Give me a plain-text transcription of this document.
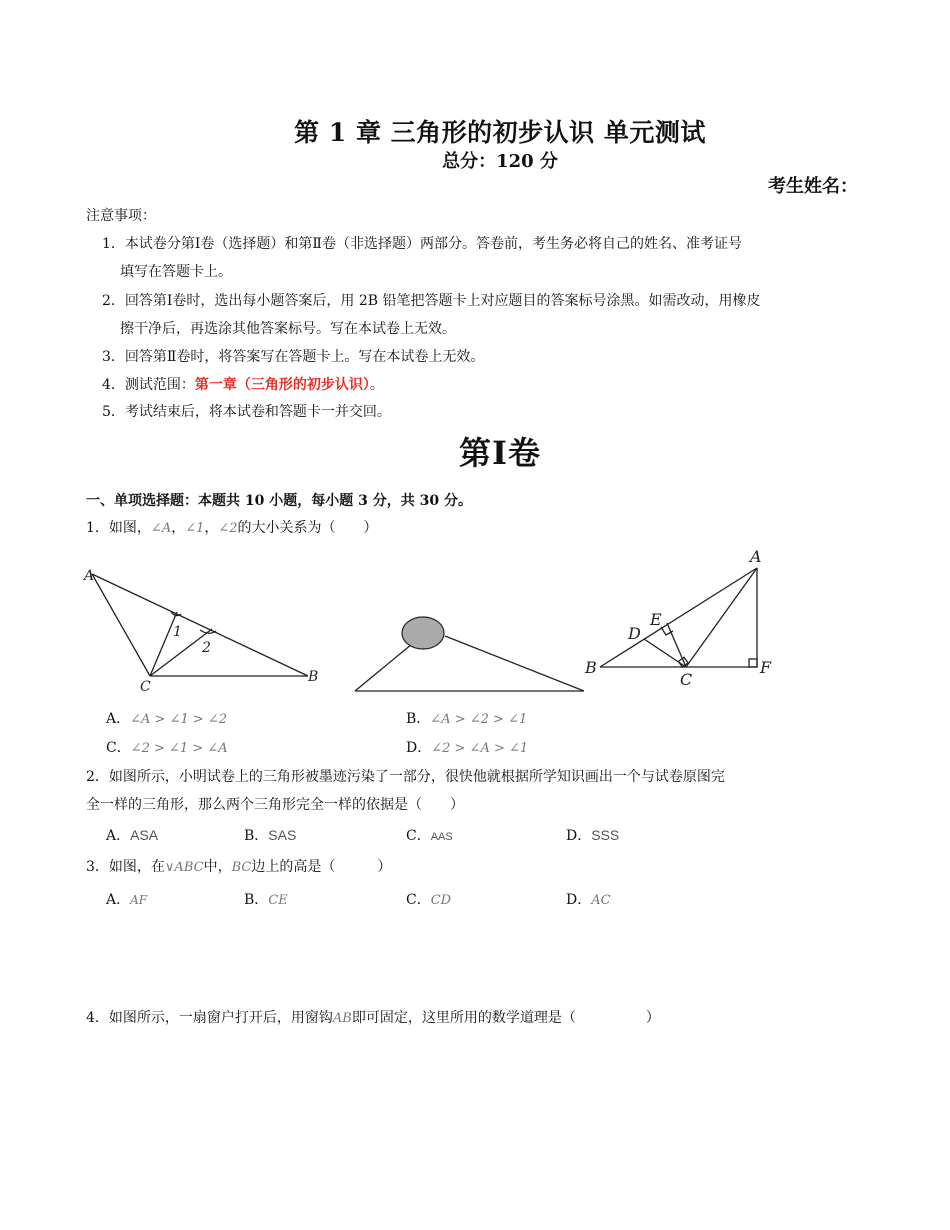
第 1 章 三角形的初步认识 单元测试
总分：120 分
考生姓名：
注意事项：
1．本试卷分第Ⅰ卷（选择题）和第Ⅱ卷（非选择题）两部分。答卷前，考生务必将自己的姓名、准考证号
填写在答题卡上。
2．回答第Ⅰ卷时，选出每小题答案后，用 2B 铅笔把答题卡上对应题目的答案标号涂黑。如需改动，用橡皮
擦干净后，再选涂其他答案标号。写在本试卷上无效。
3．回答第Ⅱ卷时，将答案写在答题卡上。写在本试卷上无效。
4．测试范围：第一章（三角形的初步认识）。
5．考试结束后，将本试卷和答题卡一并交回。
第Ⅰ卷
一、单项选择题：本题共 10 小题，每小题 3 分，共 30 分。
1．如图，∠A，∠1，∠2的大小关系为（　　）
A
C
B
1
2
A
B
C
D
E
F
A．∠A > ∠1 > ∠2	B．∠A > ∠2 > ∠1
C．∠2 > ∠1 > ∠A	D．∠2 > ∠A > ∠1
2．如图所示，小明试卷上的三角形被墨迹污染了一部分，很快他就根据所学知识画出一个与试卷原图完
全一样的三角形，那么两个三角形完全一样的依据是（　　）
A．ASA	B．SAS	C．AAS	D．SSS
3．如图，在∨ABC中，BC边上的高是（　　　）
A．AF	B．CE	C．CD	D．AC
4．如图所示，一扇窗户打开后，用窗钩AB即可固定，这里所用的数学道理是（　　　　　）
